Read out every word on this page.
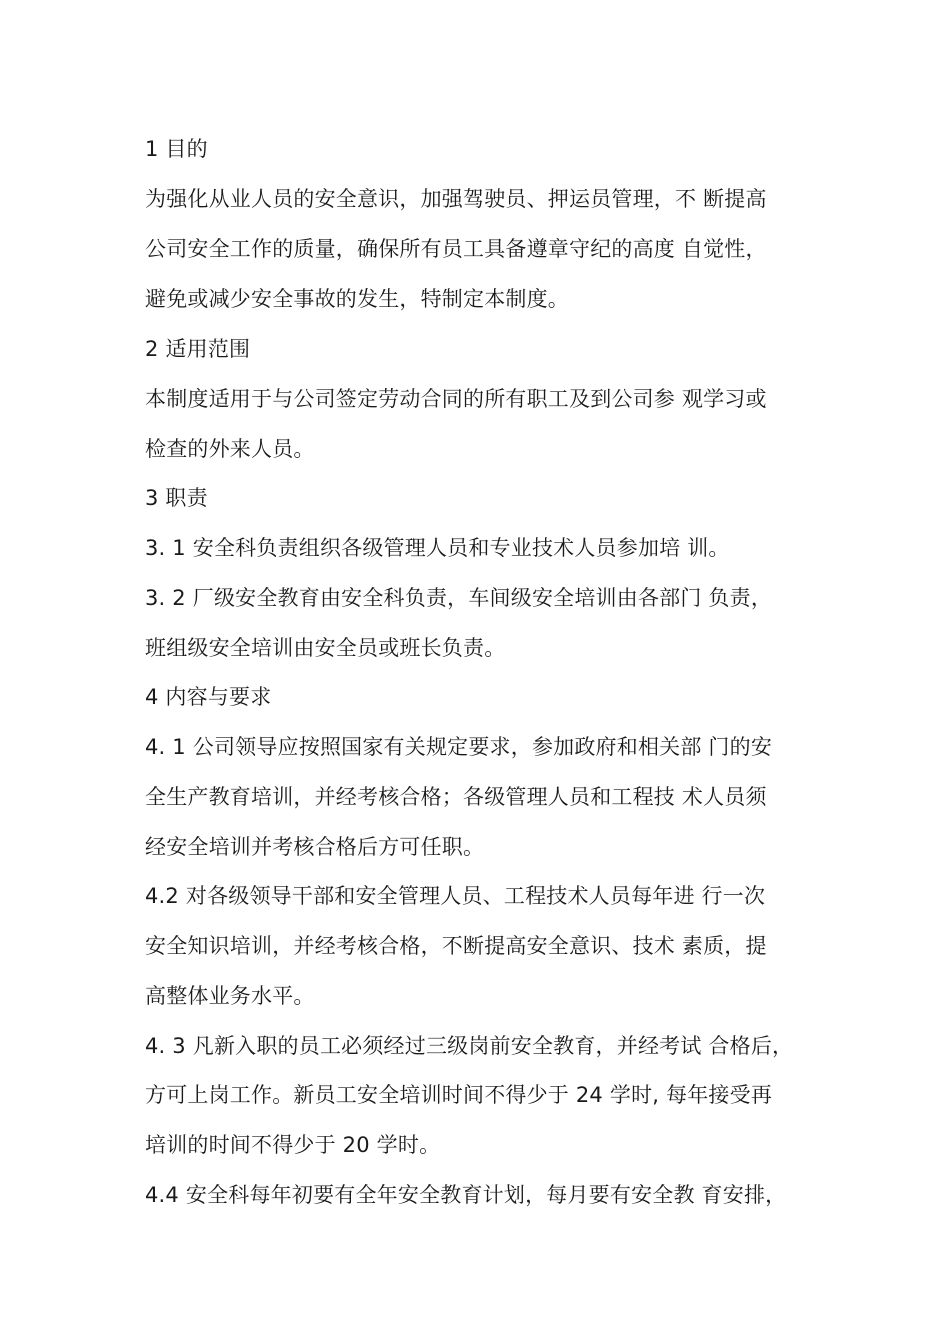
1 目的
为强化从业人员的安全意识，加强驾驶员、押运员管理，不 断提高
公司安全工作的质量，确保所有员工具备遵章守纪的高度 自觉性，
避免或减少安全事故的发生，特制定本制度。
2 适用范围
本制度适用于与公司签定劳动合同的所有职工及到公司参 观学习或
检查的外来人员。
3 职责
3. 1 安全科负责组织各级管理人员和专业技术人员参加培 训。
3. 2 厂级安全教育由安全科负责，车间级安全培训由各部门 负责，
班组级安全培训由安全员或班长负责。
4 内容与要求
4. 1 公司领导应按照国家有关规定要求，参加政府和相关部 门的安
全生产教育培训，并经考核合格；各级管理人员和工程技 术人员须
经安全培训并考核合格后方可任职。
4.2 对各级领导干部和安全管理人员、工程技术人员每年进 行一次
安全知识培训，并经考核合格，不断提高安全意识、技术 素质，提
高整体业务水平。
4. 3 凡新入职的员工必须经过三级岗前安全教育，并经考试 合格后，
方可上岗工作。新员工安全培训时间不得少于 24 学时, 每年接受再
培训的时间不得少于 20 学时。
4.4 安全科每年初要有全年安全教育计划，每月要有安全教 育安排，
